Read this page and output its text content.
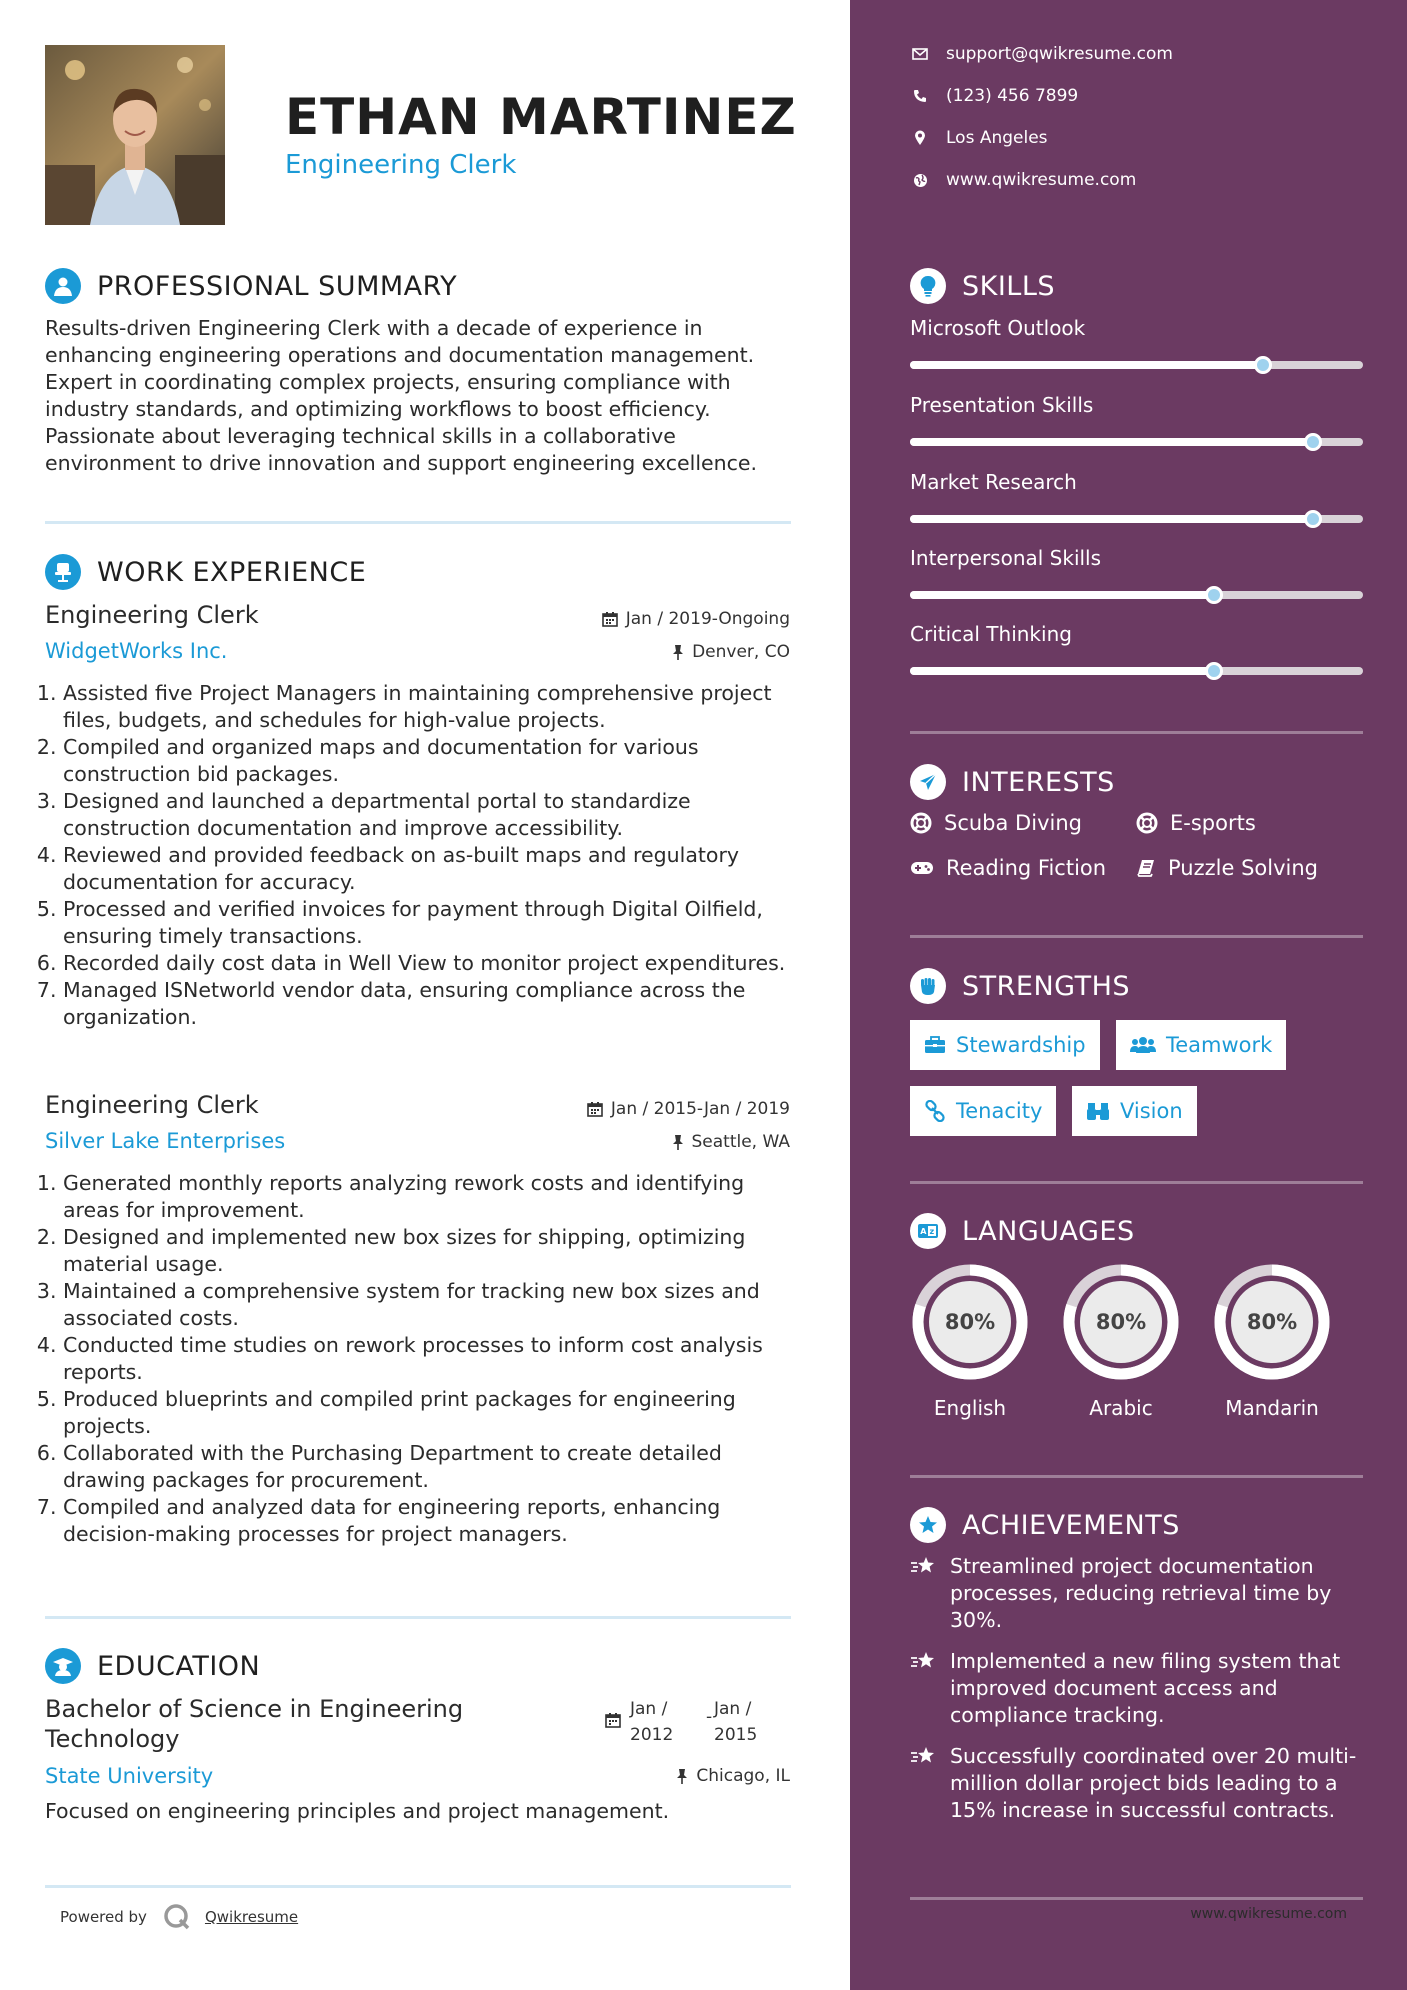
ETHAN MARTINEZ
Engineering Clerk
PROFESSIONAL SUMMARY
Results-driven Engineering Clerk with a decade of experience in enhancing engineering operations and documentation management. Expert in coordinating complex projects, ensuring compliance with industry standards, and optimizing workflows to boost efficiency. Passionate about leveraging technical skills in a collaborative environment to drive innovation and support engineering excellence.
WORK EXPERIENCE
Engineering Clerk	Jan / 2019-Ongoing
WidgetWorks Inc.	Denver, CO
1. Assisted five Project Managers in maintaining comprehensive project files, budgets, and schedules for high-value projects.
2. Compiled and organized maps and documentation for various construction bid packages.
3. Designed and launched a departmental portal to standardize construction documentation and improve accessibility.
4. Reviewed and provided feedback on as-built maps and regulatory documentation for accuracy.
5. Processed and verified invoices for payment through Digital Oilfield, ensuring timely transactions.
6. Recorded daily cost data in Well View to monitor project expenditures.
7. Managed ISNetworld vendor data, ensuring compliance across the organization.
Engineering Clerk	Jan / 2015-Jan / 2019
Silver Lake Enterprises	Seattle, WA
1. Generated monthly reports analyzing rework costs and identifying areas for improvement.
2. Designed and implemented new box sizes for shipping, optimizing material usage.
3. Maintained a comprehensive system for tracking new box sizes and associated costs.
4. Conducted time studies on rework processes to inform cost analysis reports.
5. Produced blueprints and compiled print packages for engineering projects.
6. Collaborated with the Purchasing Department to create detailed drawing packages for procurement.
7. Compiled and analyzed data for engineering reports, enhancing decision-making processes for project managers.
EDUCATION
Bachelor of Science in Engineering Technology
Jan /
2012
- Jan /
2015
State University	Chicago, IL
Focused on engineering principles and project management.
Powered by	Qwikresume
support@qwikresume.com
(123) 456 7899
Los Angeles
www.qwikresume.com
SKILLS
Microsoft Outlook
Presentation Skills
Market Research
Interpersonal Skills
Critical Thinking
INTERESTS
Scuba Diving	E-sports
Reading Fiction	Puzzle Solving
STRENGTHS
Stewardship	Teamwork
Tenacity	Vision
A z LANGUAGES
80%
English
80%
Arabic
80%
Mandarin
ACHIEVEMENTS
Streamlined project documentation processes, reducing retrieval time by 30%.
Implemented a new filing system that improved document access and compliance tracking.
Successfully coordinated over 20 multi-million dollar project bids leading to a 15% increase in successful contracts.
www.qwikresume.com
